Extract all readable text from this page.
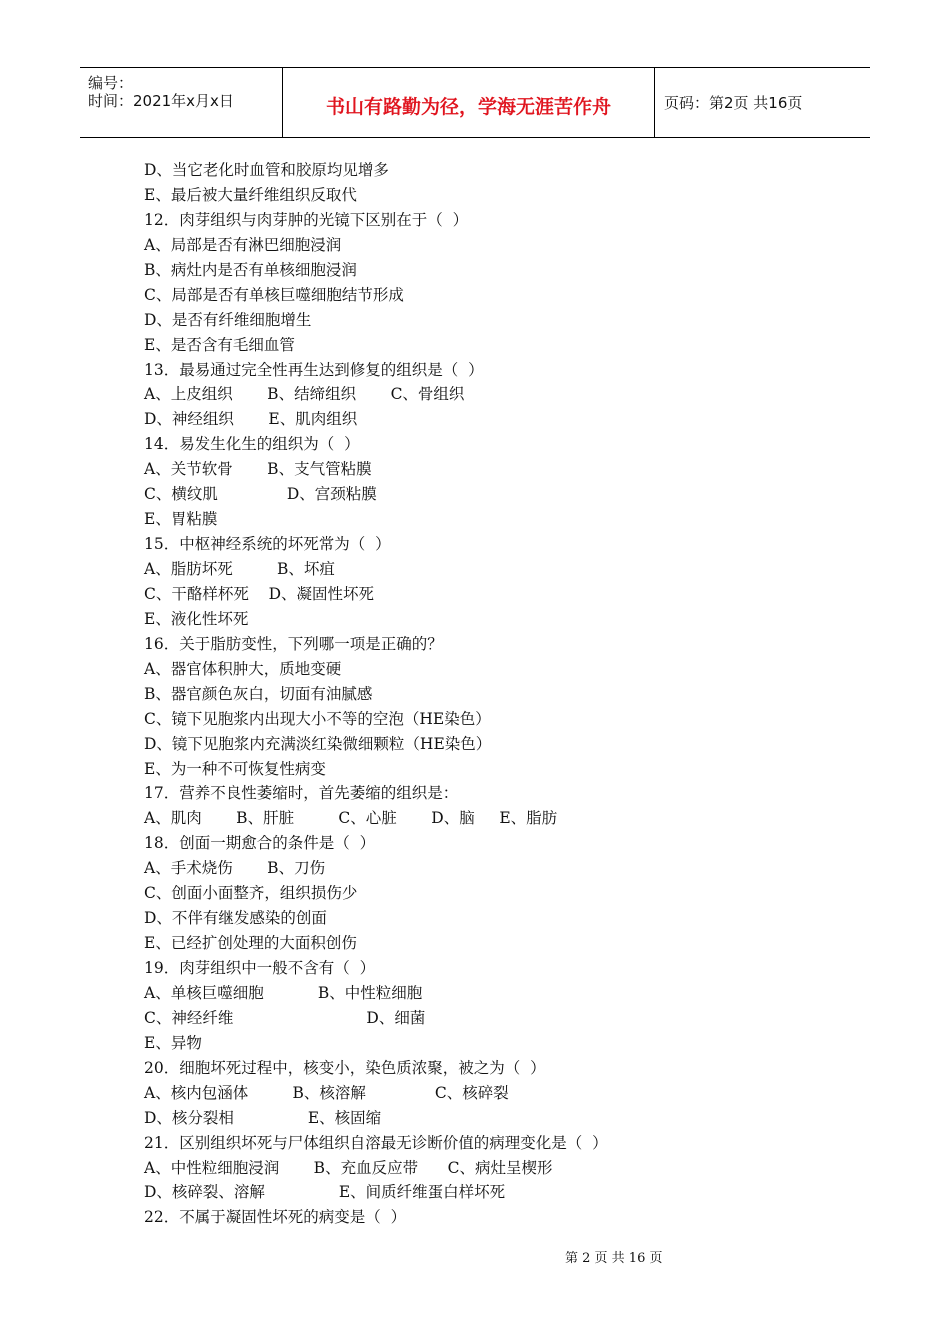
编号：
时间：2021年x月x日	书山有路勤为径，学海无涯苦作舟	页码：第2页 共16页
D、当它老化时血管和胶原均见增多
E、最后被大量纤维组织反取代
12．肉芽组织与肉芽肿的光镜下区别在于（  ）
A、局部是否有淋巴细胞浸润
B、病灶内是否有单核细胞浸润
C、局部是否有单核巨噬细胞结节形成
D、是否有纤维细胞增生
E、是否含有毛细血管
13．最易通过完全性再生达到修复的组织是（  ）
A、上皮组织       B、结缔组织       C、骨组织
D、神经组织       E、肌肉组织
14．易发生化生的组织为（  ）
A、关节软骨       B、支气管粘膜
C、横纹肌              D、宫颈粘膜
E、胃粘膜
15．中枢神经系统的坏死常为（  ）
A、脂肪坏死         B、坏疽
C、干酪样杯死    D、凝固性坏死
E、液化性坏死
16．关于脂肪变性，下列哪一项是正确的？
A、器官体积肿大，质地变硬
B、器官颜色灰白，切面有油腻感
C、镜下见胞浆内出现大小不等的空泡（HE染色）
D、镜下见胞浆内充满淡红染微细颗粒（HE染色）
E、为一种不可恢复性病变
17．营养不良性萎缩时，首先萎缩的组织是：
A、肌肉       B、肝脏         C、心脏       D、脑     E、脂肪
18．创面一期愈合的条件是（  ）
A、手术烧伤       B、刀伤
C、创面小面整齐，组织损伤少
D、不伴有继发感染的创面
E、已经扩创处理的大面积创伤
19．肉芽组织中一般不含有（  ）
A、单核巨噬细胞           B、中性粒细胞
C、神经纤维                           D、细菌
E、异物
20．细胞坏死过程中，核变小，染色质浓聚，被之为（  ）
A、核内包涵体         B、核溶解              C、核碎裂
D、核分裂相               E、核固缩
21．区别组织坏死与尸体组织自溶最无诊断价值的病理变化是（  ）
A、中性粒细胞浸润       B、充血反应带      C、病灶呈楔形
D、核碎裂、溶解               E、间质纤维蛋白样坏死
22．不属于凝固性坏死的病变是（  ）

第 2 页 共 16 页
